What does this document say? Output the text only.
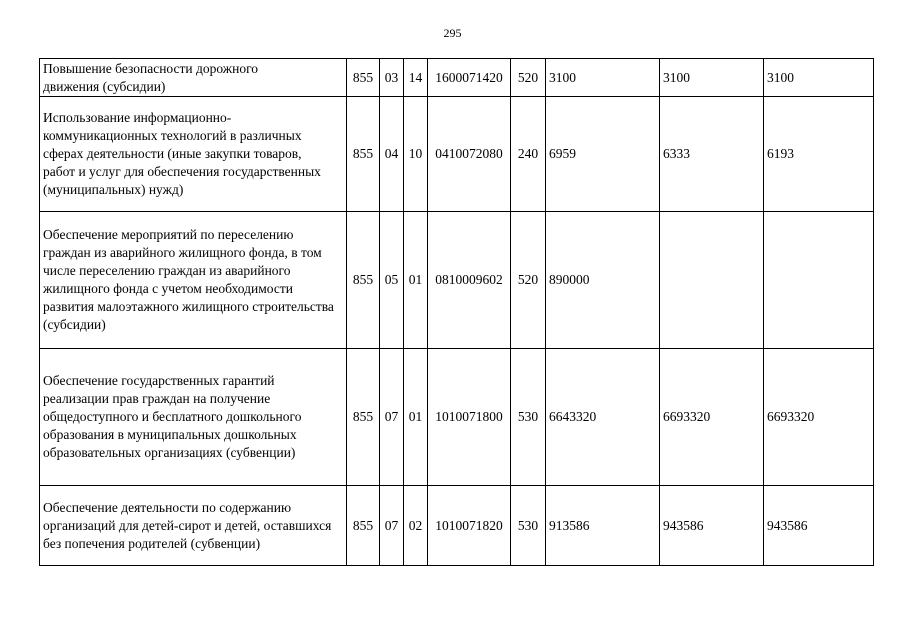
295
Повышение безопасности дорожного движения (субсидии)	855	03	14	1600071420	520	3100	3100	3100

Использование информационно-коммуникационных технологий в различных сферах деятельности (иные закупки товаров, работ и услуг для обеспечения государственных (муниципальных) нужд)	855	04	10	0410072080	240	6959	6333	6193

Обеспечение мероприятий по переселению граждан из аварийного жилищного фонда, в том числе переселению граждан из аварийного жилищного фонда с учетом необходимости развития малоэтажного жилищного строительства (субсидии)	855	05	01	0810009602	520	890000		

Обеспечение государственных гарантий реализации прав граждан на получение общедоступного и бесплатного дошкольного образования в муниципальных дошкольных образовательных организациях (субвенции)	855	07	01	1010071800	530	6643320	6693320	6693320

Обеспечение деятельности по содержанию организаций для детей-сирот и детей, оставшихся без попечения родителей (субвенции)	855	07	02	1010071820	530	913586	943586	943586
